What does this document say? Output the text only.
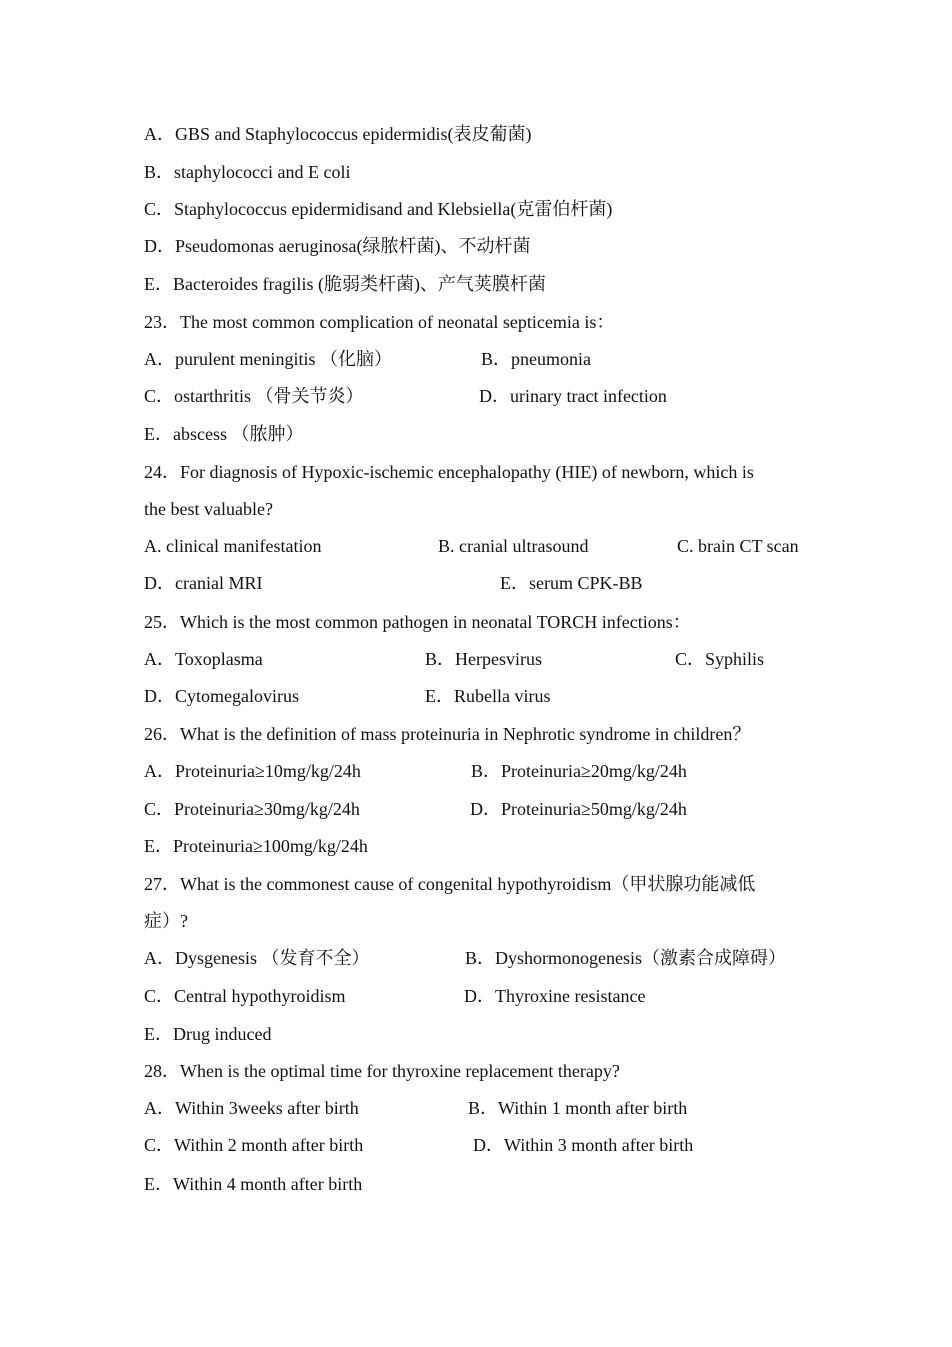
A．GBS and Staphylococcus epidermidis(表皮葡菌)
B．staphylococci and E coli
C．Staphylococcus epidermidisand and Klebsiella(克雷伯杆菌)
D．Pseudomonas aeruginosa(绿脓杆菌)、不动杆菌
E．Bacteroides fragilis (脆弱类杆菌)、产气荚膜杆菌
23．The most common complication of neonatal septicemia is：
A．purulent meningitis （化脑）	B．pneumonia
C．ostarthritis （骨关节炎）	D．urinary tract infection
E．abscess （脓肿）
24．For diagnosis of Hypoxic-ischemic encephalopathy (HIE) of newborn, which is
the best valuable?
A. clinical manifestation	B. cranial ultrasound	C. brain CT scan
D．cranial MRI	E．serum CPK-BB
25．Which is the most common pathogen in neonatal TORCH infections：
A．Toxoplasma	B．Herpesvirus	C．Syphilis
D．Cytomegalovirus	E．Rubella virus
26．What is the definition of mass proteinuria in Nephrotic syndrome in children？
A．Proteinuria≥10mg/kg/24h	B．Proteinuria≥20mg/kg/24h
C．Proteinuria≥30mg/kg/24h	D．Proteinuria≥50mg/kg/24h
E．Proteinuria≥100mg/kg/24h
27．What is the commonest cause of congenital hypothyroidism（甲状腺功能减低
症）?
A．Dysgenesis （发育不全）	B．Dyshormonogenesis（激素合成障碍）
C．Central hypothyroidism	D．Thyroxine resistance
E．Drug induced
28．When is the optimal time for thyroxine replacement therapy?
A．Within 3weeks after birth	B．Within 1 month after birth
C．Within 2 month after birth	D．Within 3 month after birth
E．Within 4 month after birth
